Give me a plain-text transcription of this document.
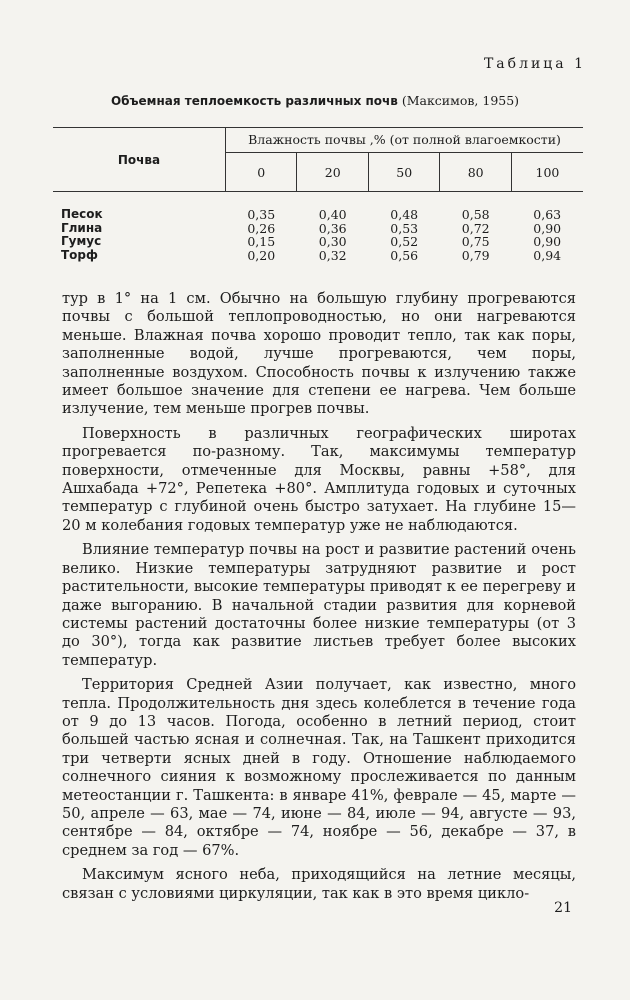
Таблица 1
Объемная теплоемкость различных почв (Максимов, 1955)
Почва	Влажность почвы ,% (от полной влагоемкости)				
	0	20	50	80	100
Песок	0,35	0,40	0,48	0,58	0,63
Глина	0,26	0,36	0,53	0,72	0,90
Гумус	0,15	0,30	0,52	0,75	0,90
Торф	0,20	0,32	0,56	0,79	0,94

тур в 1° на 1 см. Обычно на большую глубину прогреваются почвы с большой теплопроводностью, но они нагреваются меньше. Влажная почва хорошо проводит тепло, так как поры, заполненные водой, лучше прогреваются, чем поры, заполненные воздухом. Способность почвы к излучению также имеет большое значение для степени ее нагрева. Чем больше излучение, тем меньше прогрев почвы.

Поверхность в различных географических широтах прогревается по-разному. Так, максимумы температур поверхности, отмеченные для Москвы, равны +58°, для Ашхабада +72°, Репетека +80°. Амплитуда годовых и суточных температур с глубиной очень быстро затухает. На глубине 15—20 м колебания годовых температур уже не наблюдаются.

Влияние температур почвы на рост и развитие растений очень велико. Низкие температуры затрудняют развитие и рост растительности, высокие температуры приводят к ее перегреву и даже выгоранию. В начальной стадии развития для корневой системы растений достаточны более низкие температуры (от 3 до 30°), тогда как развитие листьев требует более высоких температур.

Территория Средней Азии получает, как известно, много тепла. Продолжительность дня здесь колеблется в течение года от 9 до 13 часов. Погода, особенно в летний период, стоит большей частью ясная и солнечная. Так, на Ташкент приходится три четверти ясных дней в году. Отношение наблюдаемого солнечного сияния к возможному прослеживается по данным метеостанции г. Ташкента: в январе 41%, феврале — 45, марте — 50, апреле — 63, мае — 74, июне — 84, июле — 94, августе — 93, сентябре — 84, октябре — 74, ноябре — 56, декабре — 37, в среднем за год — 67%.

Максимум ясного неба, приходящийся на летние месяцы, связан с условиями циркуляции, так как в это время цикло-

21
